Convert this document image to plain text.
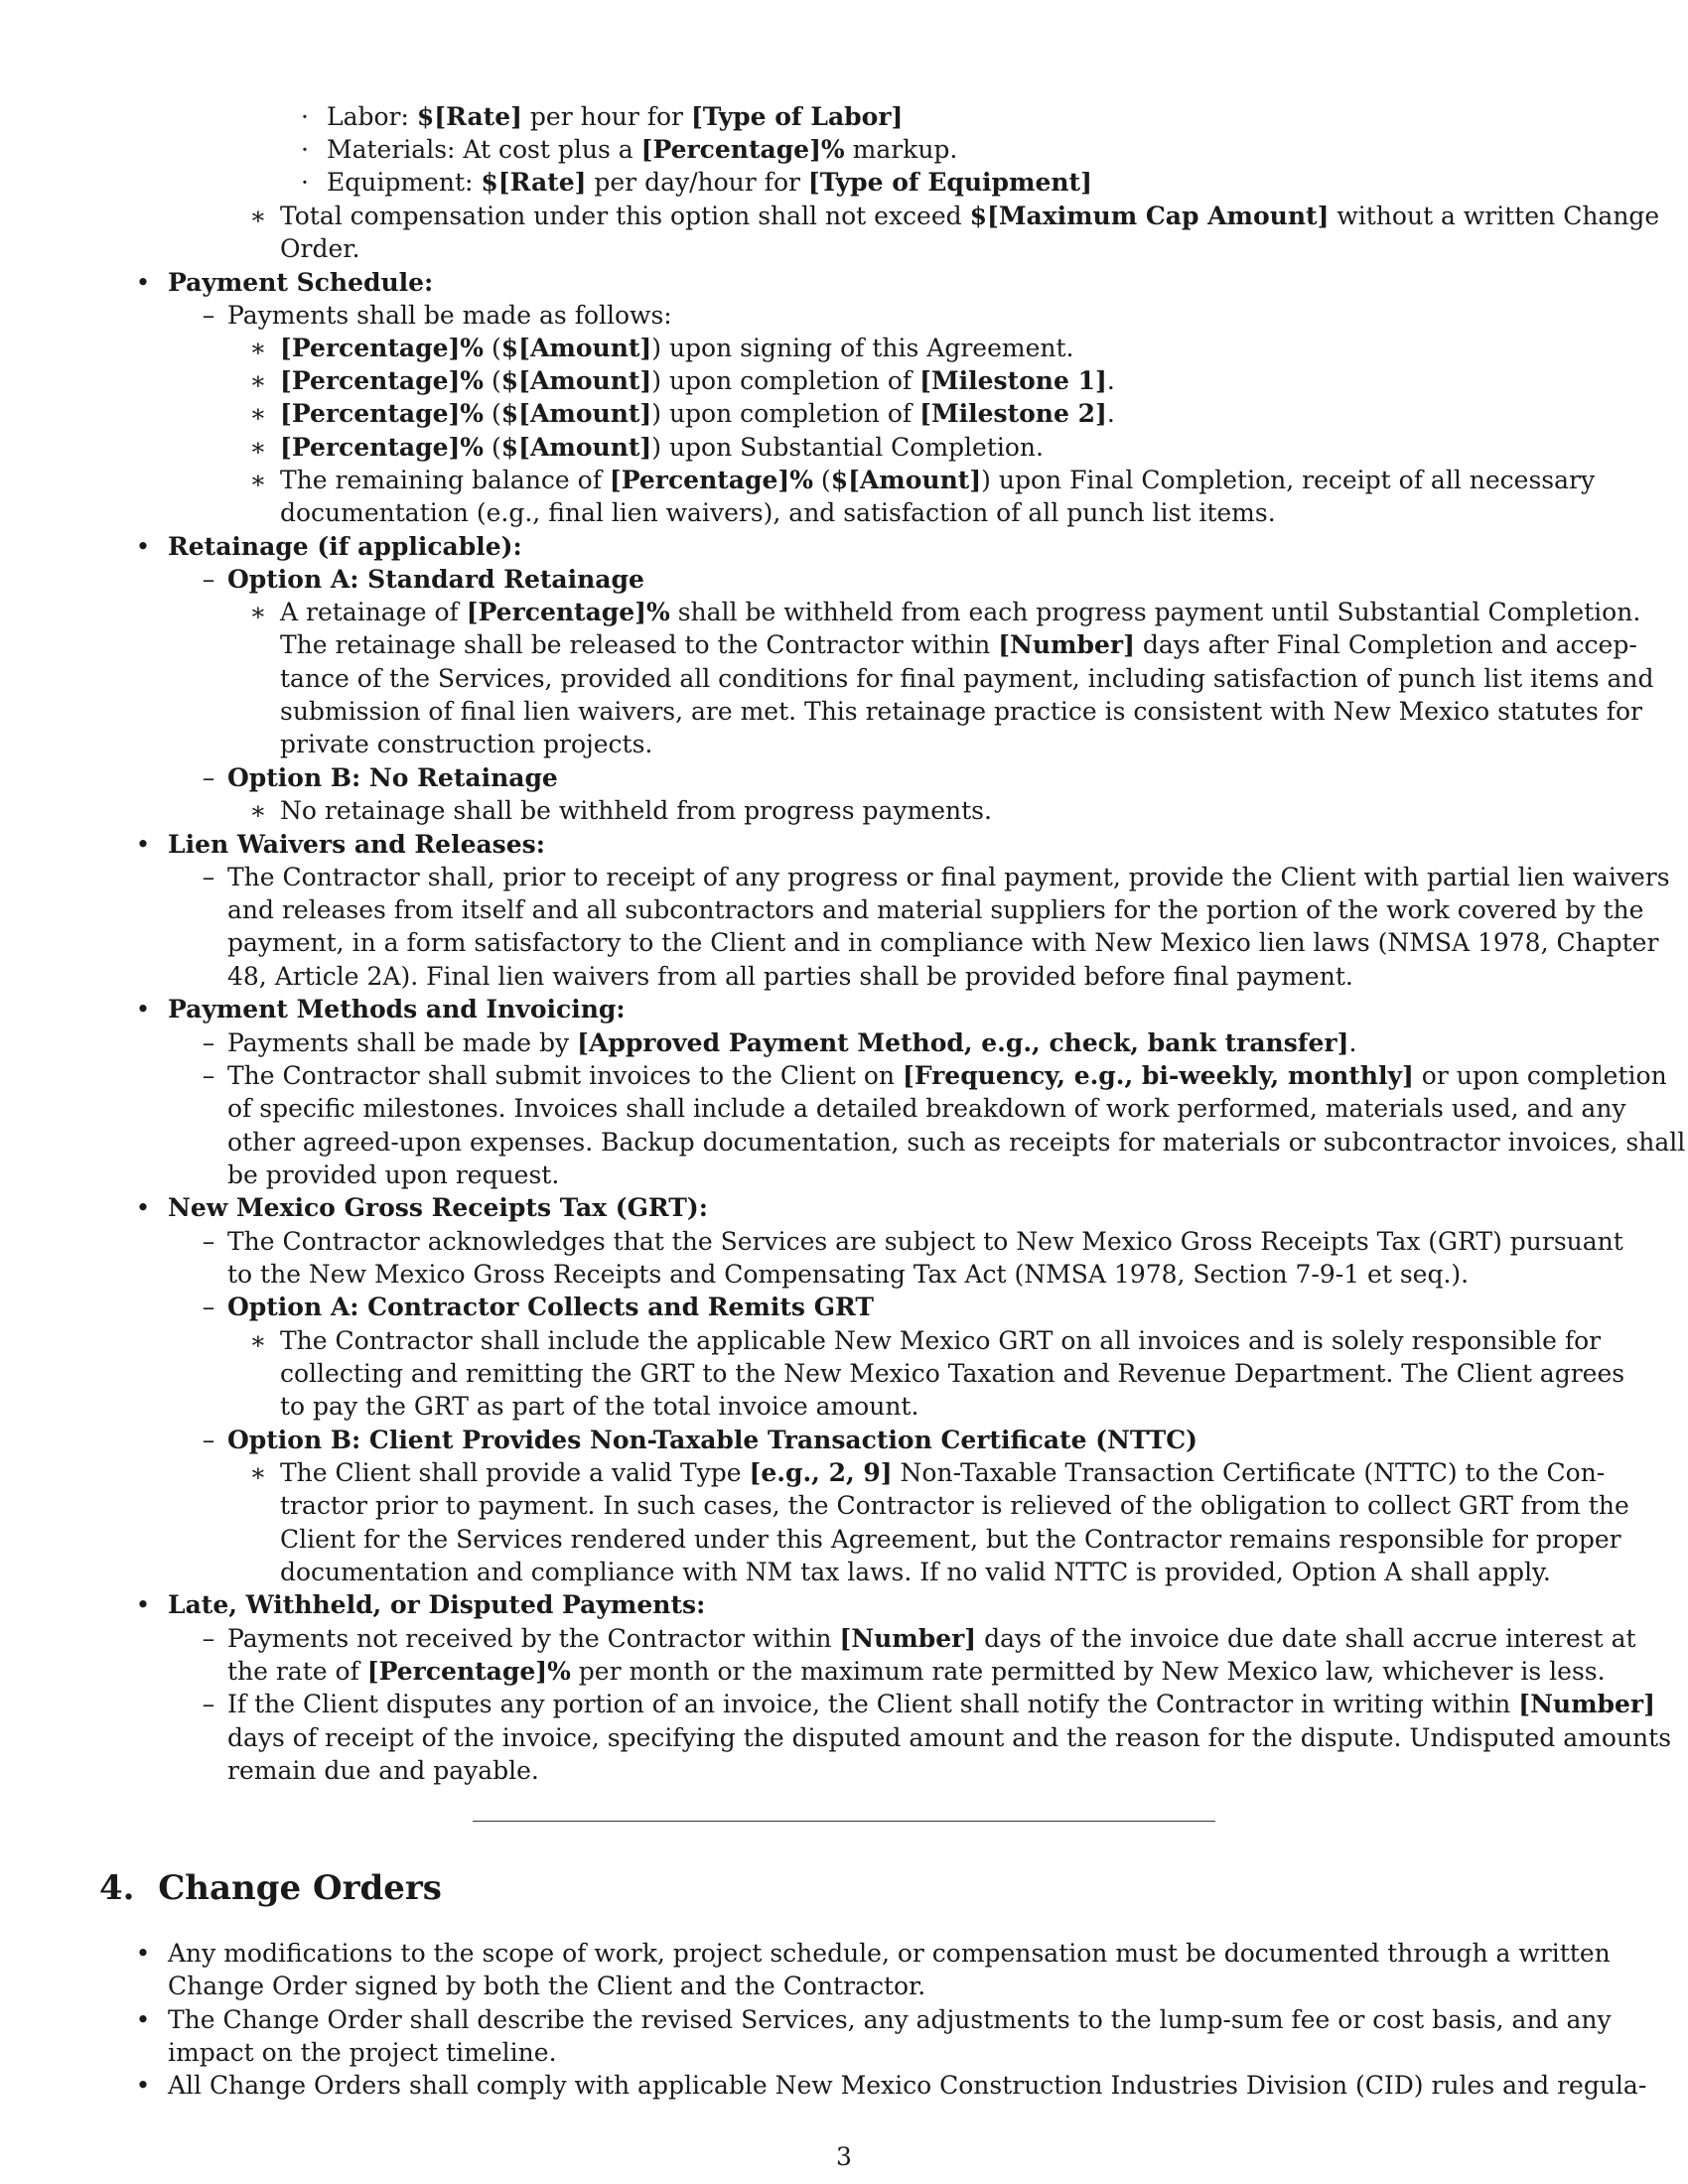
· Labor: $[Rate] per hour for [Type of Labor]
· Materials: At cost plus a [Percentage]% markup.
· Equipment: $[Rate] per day/hour for [Type of Equipment]
∗ Total compensation under this option shall not exceed $[Maximum Cap Amount] without a written Change
Order.
• Payment Schedule:
– Payments shall be made as follows:
∗ [Percentage]% ($[Amount]) upon signing of this Agreement.
∗ [Percentage]% ($[Amount]) upon completion of [Milestone 1].
∗ [Percentage]% ($[Amount]) upon completion of [Milestone 2].
∗ [Percentage]% ($[Amount]) upon Substantial Completion.
∗ The remaining balance of [Percentage]% ($[Amount]) upon Final Completion, receipt of all necessary
documentation (e.g., final lien waivers), and satisfaction of all punch list items.
• Retainage (if applicable):
– Option A: Standard Retainage
∗ A retainage of [Percentage]% shall be withheld from each progress payment until Substantial Completion.
The retainage shall be released to the Contractor within [Number] days after Final Completion and accep-
tance of the Services, provided all conditions for final payment, including satisfaction of punch list items and
submission of final lien waivers, are met. This retainage practice is consistent with New Mexico statutes for
private construction projects.
– Option B: No Retainage
∗ No retainage shall be withheld from progress payments.
• Lien Waivers and Releases:
– The Contractor shall, prior to receipt of any progress or final payment, provide the Client with partial lien waivers
and releases from itself and all subcontractors and material suppliers for the portion of the work covered by the
payment, in a form satisfactory to the Client and in compliance with New Mexico lien laws (NMSA 1978, Chapter
48, Article 2A). Final lien waivers from all parties shall be provided before final payment.
• Payment Methods and Invoicing:
– Payments shall be made by [Approved Payment Method, e.g., check, bank transfer].
– The Contractor shall submit invoices to the Client on [Frequency, e.g., bi-weekly, monthly] or upon completion
of specific milestones. Invoices shall include a detailed breakdown of work performed, materials used, and any
other agreed-upon expenses. Backup documentation, such as receipts for materials or subcontractor invoices, shall
be provided upon request.
• New Mexico Gross Receipts Tax (GRT):
– The Contractor acknowledges that the Services are subject to New Mexico Gross Receipts Tax (GRT) pursuant
to the New Mexico Gross Receipts and Compensating Tax Act (NMSA 1978, Section 7-9-1 et seq.).
– Option A: Contractor Collects and Remits GRT
∗ The Contractor shall include the applicable New Mexico GRT on all invoices and is solely responsible for
collecting and remitting the GRT to the New Mexico Taxation and Revenue Department. The Client agrees
to pay the GRT as part of the total invoice amount.
– Option B: Client Provides Non-Taxable Transaction Certificate (NTTC)
∗ The Client shall provide a valid Type [e.g., 2, 9] Non-Taxable Transaction Certificate (NTTC) to the Con-
tractor prior to payment. In such cases, the Contractor is relieved of the obligation to collect GRT from the
Client for the Services rendered under this Agreement, but the Contractor remains responsible for proper
documentation and compliance with NM tax laws. If no valid NTTC is provided, Option A shall apply.
• Late, Withheld, or Disputed Payments:
– Payments not received by the Contractor within [Number] days of the invoice due date shall accrue interest at
the rate of [Percentage]% per month or the maximum rate permitted by New Mexico law, whichever is less.
– If the Client disputes any portion of an invoice, the Client shall notify the Contractor in writing within [Number]
days of receipt of the invoice, specifying the disputed amount and the reason for the dispute. Undisputed amounts
remain due and payable.
4. Change Orders
• Any modifications to the scope of work, project schedule, or compensation must be documented through a written
Change Order signed by both the Client and the Contractor.
• The Change Order shall describe the revised Services, any adjustments to the lump-sum fee or cost basis, and any
impact on the project timeline.
• All Change Orders shall comply with applicable New Mexico Construction Industries Division (CID) rules and regula-
3
